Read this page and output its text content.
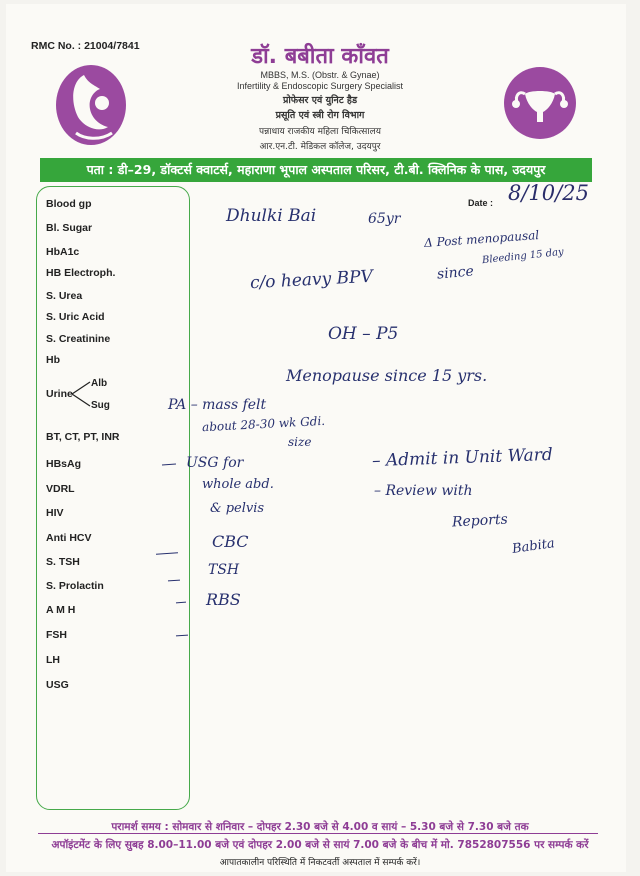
RMC No. : 21004/7841	डॉ. बबीता कॉंवत
MBBS, M.S. (Obstr. & Gynae)
Infertility & Endoscopic Surgery Specialist
प्रोफेसर एवं युनिट हैड
प्रसूति एवं स्त्री रोग विभाग
पन्नाधाय राजकीय महिला चिकित्सालय
आर.एन.टी. मेडिकल कॉलेज, उदयपुर
पता : डी–29, डॉक्टर्स क्वाटर्स, महाराणा भूपाल अस्पताल परिसर, टी.बी. क्लिनिक के पास, उदयपुर
Date : 8/10/25
Blood gp
Bl. Sugar
HbA1c
HB Electroph.
S. Urea
S. Uric Acid
S. Creatinine
Hb
Urine
Alb
Sug
BT, CT, PT, INR
HBsAg
VDRL
HIV
Anti HCV
S. TSH
S. Prolactin
A M H
FSH
LH
USG
Dhulki Bai	65yr
Δ Post menopausal
Bleeding 15 day
c/o heavy BPV	since
OH – P5
Menopause since 15 yrs.
PA – mass felt
about 28-30 wk Gdi.
size
USG for
whole abd.
& pelvis
CBC
TSH
RBS
– Admit in Unit Ward
– Review with
Reports
Babita
परामर्श समय : सोमवार से शनिवार – दोपहर 2.30 बजे से 4.00 व सायं – 5.30 बजे से 7.30 बजे तक
अपॉइंटमेंट के लिए सुबह 8.00–11.00 बजे एवं दोपहर 2.00 बजे से सायं 7.00 बजे के बीच में मो. 7852807556 पर सम्पर्क करें
आपातकालीन परिस्थिति में निकटवर्ती अस्पताल में सम्पर्क करें।
